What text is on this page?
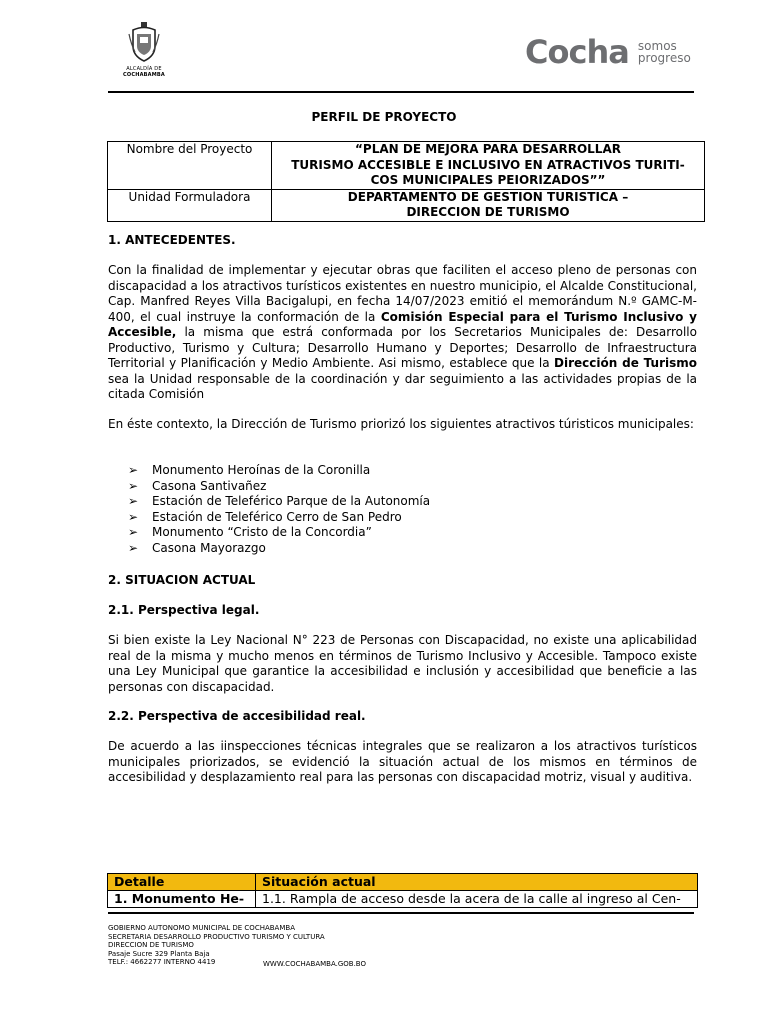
ALCALDÍA DE
COCHABAMBA
Cocha somos
progreso
PERFIL DE PROYECTO
Nombre del Proyecto	“PLAN DE MEJORA PARA DESARROLLAR
TURISMO ACCESIBLE E INCLUSIVO EN ATRACTIVOS TURITI-
COS MUNICIPALES PEIORIZADOS””
Unidad Formuladora	DEPARTAMENTO DE GESTION TURISTICA –
DIRECCION DE TURISMO
1. ANTECEDENTES.
Con la finalidad de implementar y ejecutar obras que faciliten el acceso pleno de personas con discapacidad a los atractivos turísticos existentes en nuestro municipio, el Alcalde Constitucional, Cap. Manfred Reyes Villa Bacigalupi, en fecha 14/07/2023 emitió el memorándum N.º GAMC-M-400, el cual instruye la conformación de la Comisión Especial para el Turismo Inclusivo y Accesible, la misma que estrá conformada por los Secretarios Municipales de: Desarrollo Productivo, Turismo y Cultura; Desarrollo Humano y Deportes; Desarrollo de Infraestructura Territorial y Planificación y Medio Ambiente. Asi mismo, establece que la Dirección de Turismo sea la Unidad responsable de la coordinación y dar seguimiento a las actividades propias de la citada Comisión
En éste contexto, la Dirección de Turismo priorizó los siguientes atractivos túristicos municipales:
➢ Monumento Heroínas de la Coronilla
➢ Casona Santivañez
➢ Estación de Teleférico Parque de la Autonomía
➢ Estación de Teleférico Cerro de San Pedro
➢ Monumento “Cristo de la Concordia”
➢ Casona Mayorazgo
2. SITUACION ACTUAL
2.1. Perspectiva legal.
Si bien existe la Ley Nacional N° 223 de Personas con Discapacidad, no existe una aplicabilidad real de la misma y mucho menos en términos de Turismo Inclusivo y Accesible. Tampoco existe una Ley Municipal que garantice la accesibilidad e inclusión y accesibilidad que beneficie a las personas con discapacidad.
2.2. Perspectiva de accesibilidad real.
De acuerdo a las iinspecciones técnicas integrales que se realizaron a los atractivos turísticos municipales priorizados, se evidenció la situación actual de los mismos en términos de accesibilidad y desplazamiento real para las personas con discapacidad motriz, visual y auditiva.
Detalle	Situación actual
1. Monumento He-	1.1. Rampla de acceso desde la acera de la calle al ingreso al Cen-
GOBIERNO AUTONOMO MUNICIPAL DE COCHABAMBA
SECRETARIA DESARROLLO PRODUCTIVO TURISMO Y CULTURA
DIRECCION DE TURISMO
Pasaje Sucre 329 Planta Baja
TELF.: 4662277 INTERNO 4419	WWW.COCHABAMBA.GOB.BO
